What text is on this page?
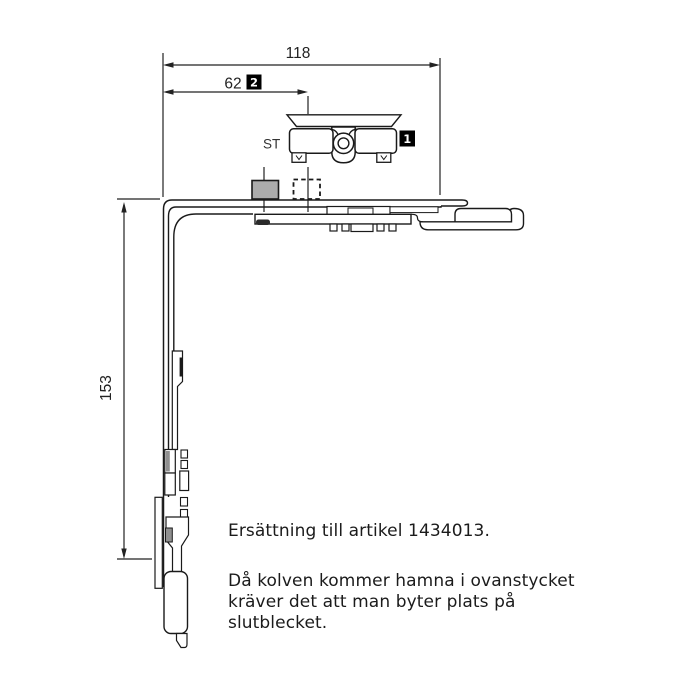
118
62 2
153
ST	1
Ersättning till artikel 1434013.
Då kolven kommer hamna i ovanstycket
kräver det att man byter plats på
slutblecket.
